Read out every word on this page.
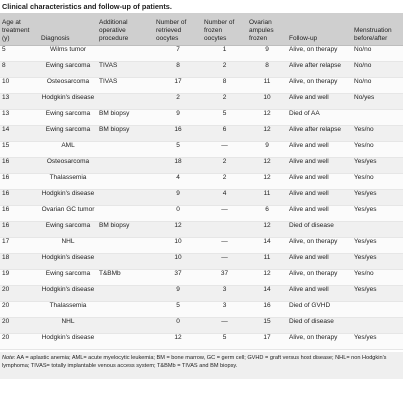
Clinical characteristics and follow-up of patients.
Age at treatment (y)	Diagnosis	Additional operative procedure	Number of retrieved oocytes	Number of frozen oocytes	Ovarian ampules frozen	Follow-up	Menstruation before/after
5	Wilms tumor		7	1	9	Alive, on therapy	No/no
8	Ewing sarcoma	TIVAS	8	2	8	Alive after relapse	No/no
10	Osteosarcoma	TIVAS	17	8	11	Alive, on therapy	No/no
13	Hodgkin's disease		2	2	10	Alive and well	No/yes
13	Ewing sarcoma	BM biopsy	9	5	12	Died of AA	
14	Ewing sarcoma	BM biopsy	16	6	12	Alive after relapse	Yes/no
15	AML		5	—	9	Alive and well	Yes/no
16	Osteosarcoma		18	2	12	Alive and well	Yes/yes
16	Thalassemia		4	2	12	Alive and well	Yes/no
16	Hodgkin's disease		9	4	11	Alive and well	Yes/yes
16	Ovarian GC tumor		0	—	6	Alive and well	Yes/yes
16	Ewing sarcoma	BM biopsy	12		12	Died of disease	
17	NHL		10	—	14	Alive, on therapy	Yes/yes
18	Hodgkin's disease		10	—	11	Alive and well	Yes/yes
19	Ewing sarcoma	T&BMb	37	37	12	Alive, on therapy	Yes/no
20	Hodgkin's disease		9	3	14	Alive and well	Yes/yes
20	Thalassemia		5	3	16	Died of GVHD	
20	NHL		0	—	15	Died of disease	
20	Hodgkin's disease		12	5	17	Alive, on therapy	Yes/yes
Note: AA = aplastic anemia; AML= acute myelocytic leukemia; BM = bone marrow, GC = germ cell; GVHD = graft versus host disease; NHL= non Hodgkin's lymphoma; TIVAS= totally implantable venous access system; T&BMb = TIVAS and BM biopsy.
